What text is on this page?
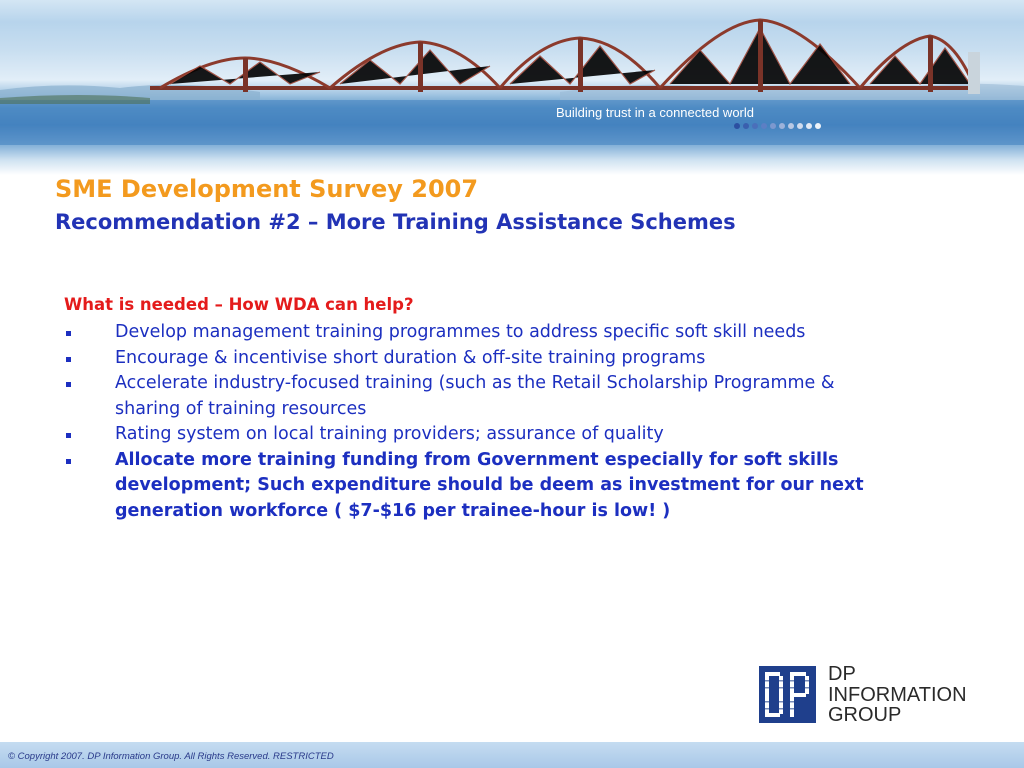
Building trust in a connected world
SME Development Survey 2007
Recommendation #2 – More Training Assistance Schemes
What is needed – How WDA can help?
Develop management training programmes to address specific soft skill needs
Encourage & incentivise short duration & off-site training programs
Accelerate industry-focused training (such as the Retail Scholarship Programme & sharing of training resources
Rating system on local training providers; assurance of quality
Allocate more training funding from Government especially for soft skills development; Such expenditure should be deem as investment for our next generation workforce ( $7-$16 per trainee-hour is low! )
DP
INFORMATION
GROUP
© Copyright 2007. DP Information Group. All Rights Reserved. RESTRICTED
